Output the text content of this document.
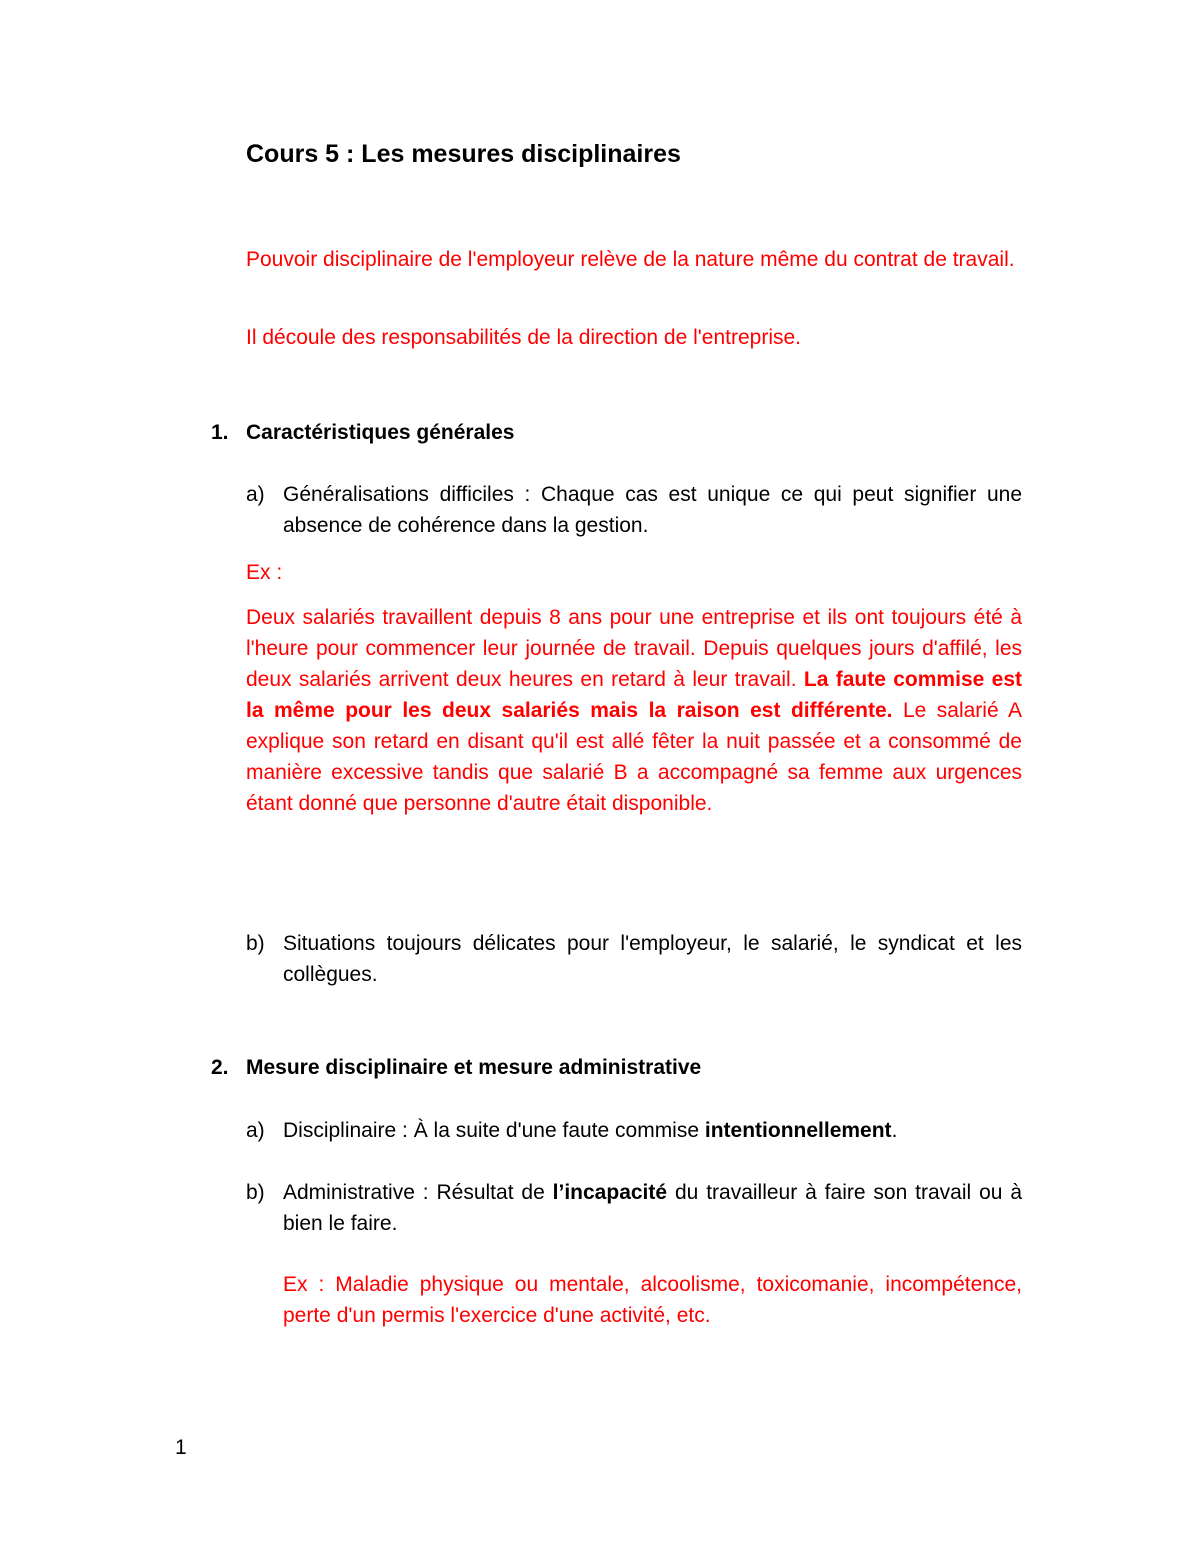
Cours 5 : Les mesures disciplinaires
Pouvoir disciplinaire de l'employeur relève de la nature même du contrat de travail.
Il découle des responsabilités de la direction de l'entreprise.
1. Caractéristiques générales
a) Généralisations difficiles : Chaque cas est unique ce qui peut signifier une absence de cohérence dans la gestion.
Ex :
Deux salariés travaillent depuis 8 ans pour une entreprise et ils ont toujours été à l'heure pour commencer leur journée de travail. Depuis quelques jours d'affilé, les deux salariés arrivent deux heures en retard à leur travail. La faute commise est la même pour les deux salariés mais la raison est différente. Le salarié A explique son retard en disant qu'il est allé fêter la nuit passée et a consommé de manière excessive tandis que salarié B a accompagné sa femme aux urgences étant donné que personne d'autre était disponible.
b) Situations toujours délicates pour l'employeur, le salarié, le syndicat et les collègues.
2. Mesure disciplinaire et mesure administrative
a) Disciplinaire : À la suite d'une faute commise intentionnellement.
b) Administrative : Résultat de l’incapacité du travailleur à faire son travail ou à bien le faire.
Ex : Maladie physique ou mentale, alcoolisme, toxicomanie, incompétence, perte d'un permis l'exercice d'une activité, etc.
1
